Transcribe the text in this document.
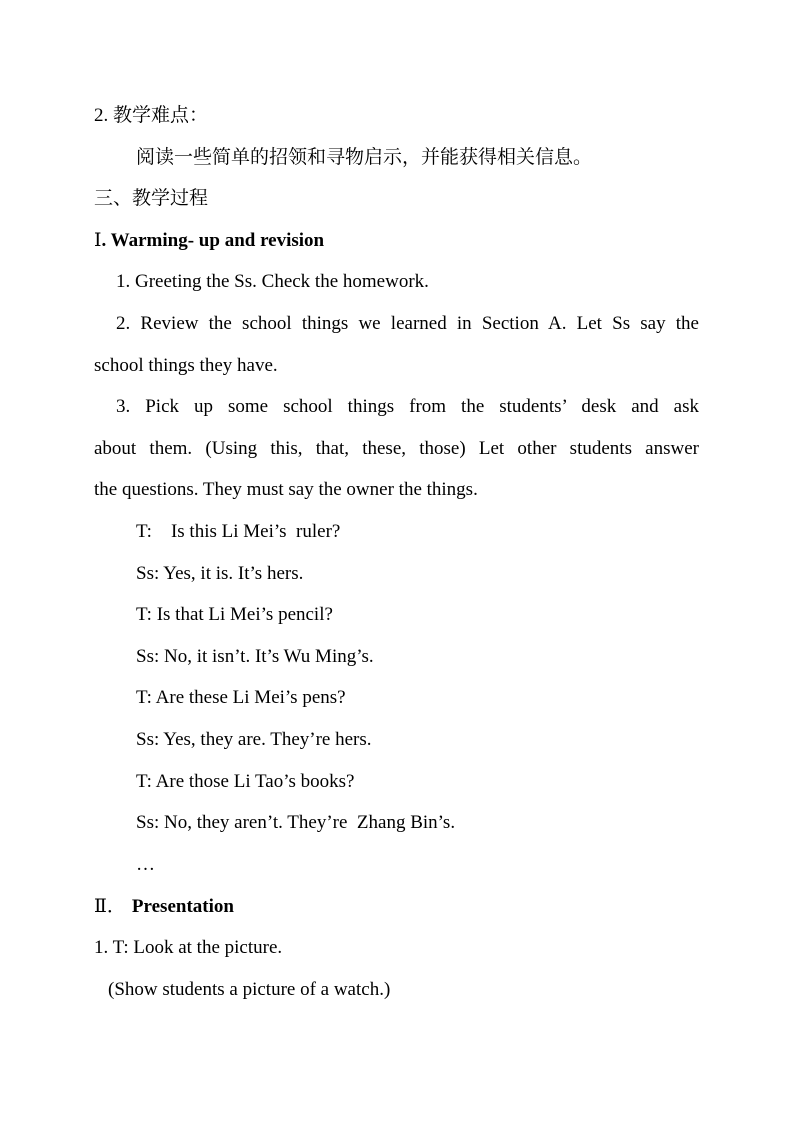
2. 教学难点：
阅读一些简单的招领和寻物启示，并能获得相关信息。
三、教学过程
Ⅰ. Warming- up and revision
1. Greeting the Ss. Check the homework.
2. Review the school things we learned in Section A. Let Ss say the
school things they have.
3. Pick up some school things from the students’ desk and ask
about them. (Using this, that, these, those) Let other students answer
the questions. They must say the owner the things.
T:    Is this Li Mei’s  ruler?
Ss: Yes, it is. It’s hers.
T: Is that Li Mei’s pencil?
Ss: No, it isn’t. It’s Wu Ming’s.
T: Are these Li Mei’s pens?
Ss: Yes, they are. They’re hers.
T: Are those Li Tao’s books?
Ss: No, they aren’t. They’re  Zhang Bin’s.
…
Ⅱ． Presentation
1. T: Look at the picture.
(Show students a picture of a watch.)
